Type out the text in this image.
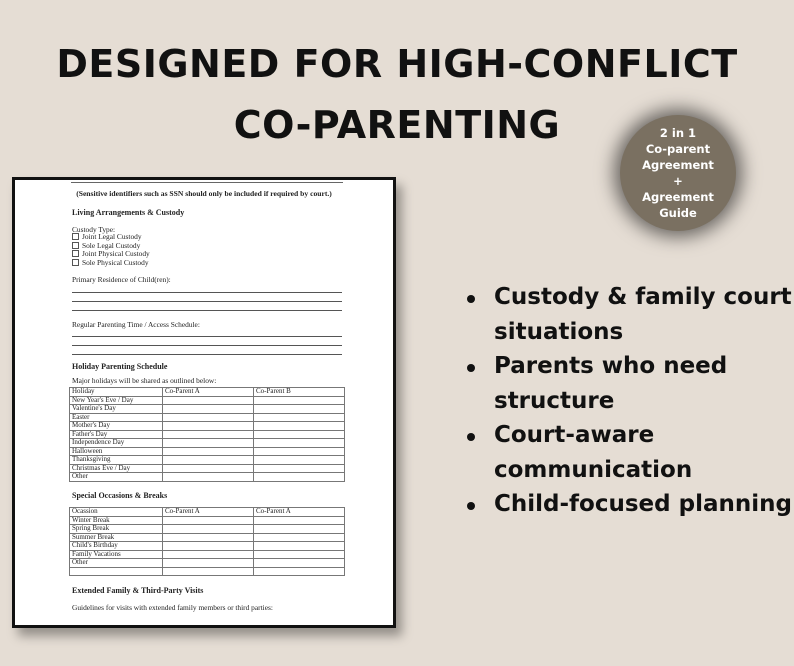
DESIGNED FOR HIGH-CONFLICT
CO-PARENTING	2 in 1
Co-parent
Agreement
+
Agreement
Guide
(Sensitive identifiers such as SSN should only be included if required by court.)
Living Arrangements & Custody
Custody Type:
Joint Legal Custody
Sole Legal Custody
Joint Physical Custody
Sole Physical Custody
Primary Residence of Child(ren):
Regular Parenting Time / Access Schedule:
Holiday Parenting Schedule
Major holidays will be shared as outlined below:
Holiday	Co-Parent A	Co-Parent B
New Year's Eve / Day		
Valentine's Day		
Easter		
Mother's Day		
Father's Day		
Independence Day		
Halloween		
Thanksgiving		
Christmas Eve / Day		
Other		
Special Occasions & Breaks
Ocassion	Co-Parent A	Co-Parent A
Winter Break		
Spring Break		
Summer Break		
Child's Birthday		
Family Vacations		
Other		

Extended Family & Third-Party Visits
Guidelines for visits with extended family members or third parties:
Custody & family court situations
Parents who need structure
Court-aware communication
Child-focused planning
